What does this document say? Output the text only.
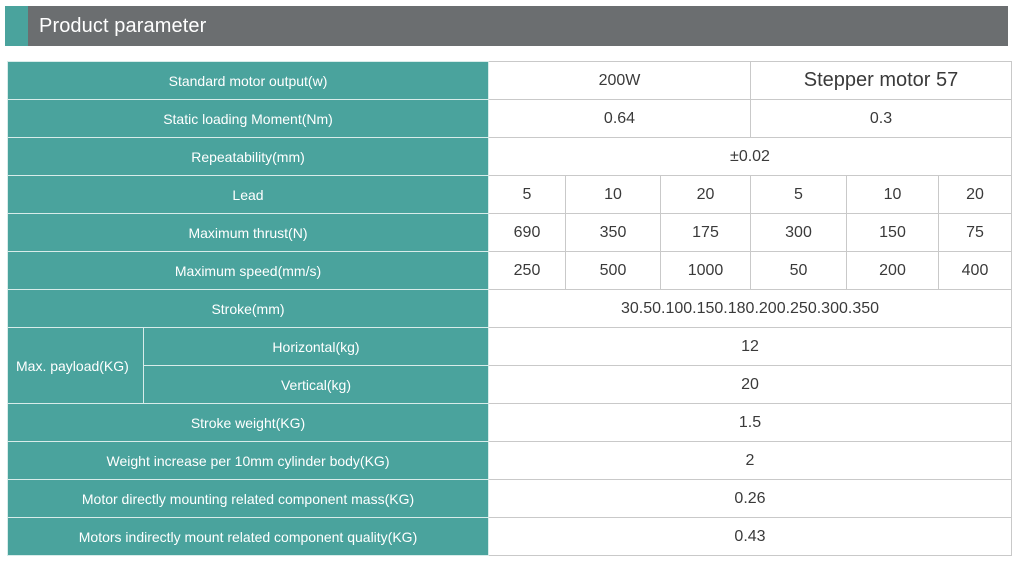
Product parameter
Standard motor output(w)		200W			Stepper motor 57		
Static loading Moment(Nm)		0.64			0.3		
Repeatability(mm)		±0.02					
Lead		5	10	20	5	10	20
Maximum thrust(N)		690	350	175	300	150	75
Maximum speed(mm/s)		250	500	1000	50	200	400
Stroke(mm)		30.50.100.150.180.200.250.300.350					
Max. payload(KG)	Horizontal(kg)	12					
	Vertical(kg)	20					
Stroke weight(KG)		1.5					
Weight increase per 10mm cylinder body(KG)		2					
Motor directly mounting related component mass(KG)		0.26					
Motors indirectly mount related component quality(KG)		0.43					
